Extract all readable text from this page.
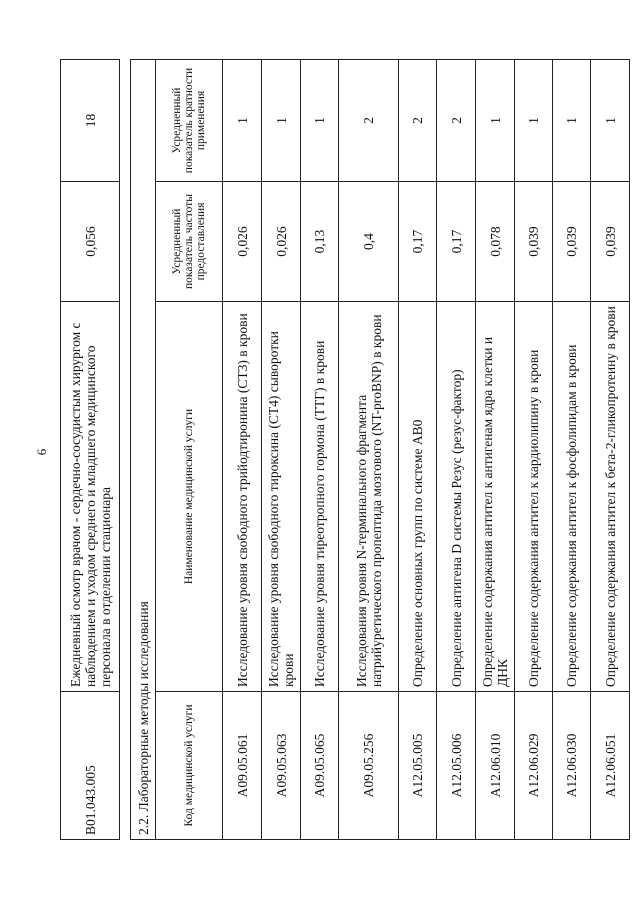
6
B01.043.005	Ежедневный осмотр врачом - сердечно-сосудистым хирургом с наблюдением и уходом среднего и младшего медицинского персонала в отделении стационара	0,056	18
2.2. Лабораторные методы исследования			
Код медицинской услуги	Наименование медицинской услуги	Усредненный показатель частоты предоставления	Усредненный показатель кратности применения
A09.05.061	Исследование уровня свободного трийодтиронина (СТ3) в крови	0,026	1
A09.05.063	Исследование уровня свободного тироксина (СТ4) сыворотки крови	0,026	1
A09.05.065	Исследование уровня тиреотропного гормона (ТТГ) в крови	0,13	1
A09.05.256	Исследования уровня N-терминального фрагмента натрийуретического пропептида мозгового (NT-proBNP) в крови	0,4	2
A12.05.005	Определение основных групп по системе AB0	0,17	2
A12.05.006	Определение антигена D системы Резус (резус-фактор)	0,17	2
A12.06.010	Определение содержания антител к антигенам ядра клетки и ДНК	0,078	1
A12.06.029	Определение содержания антител к кардиолипину в крови	0,039	1
A12.06.030	Определение содержания антител к фосфолипидам в крови	0,039	1
A12.06.051	Определение содержания антител к бета-2-гликопротеину в крови	0,039	1
